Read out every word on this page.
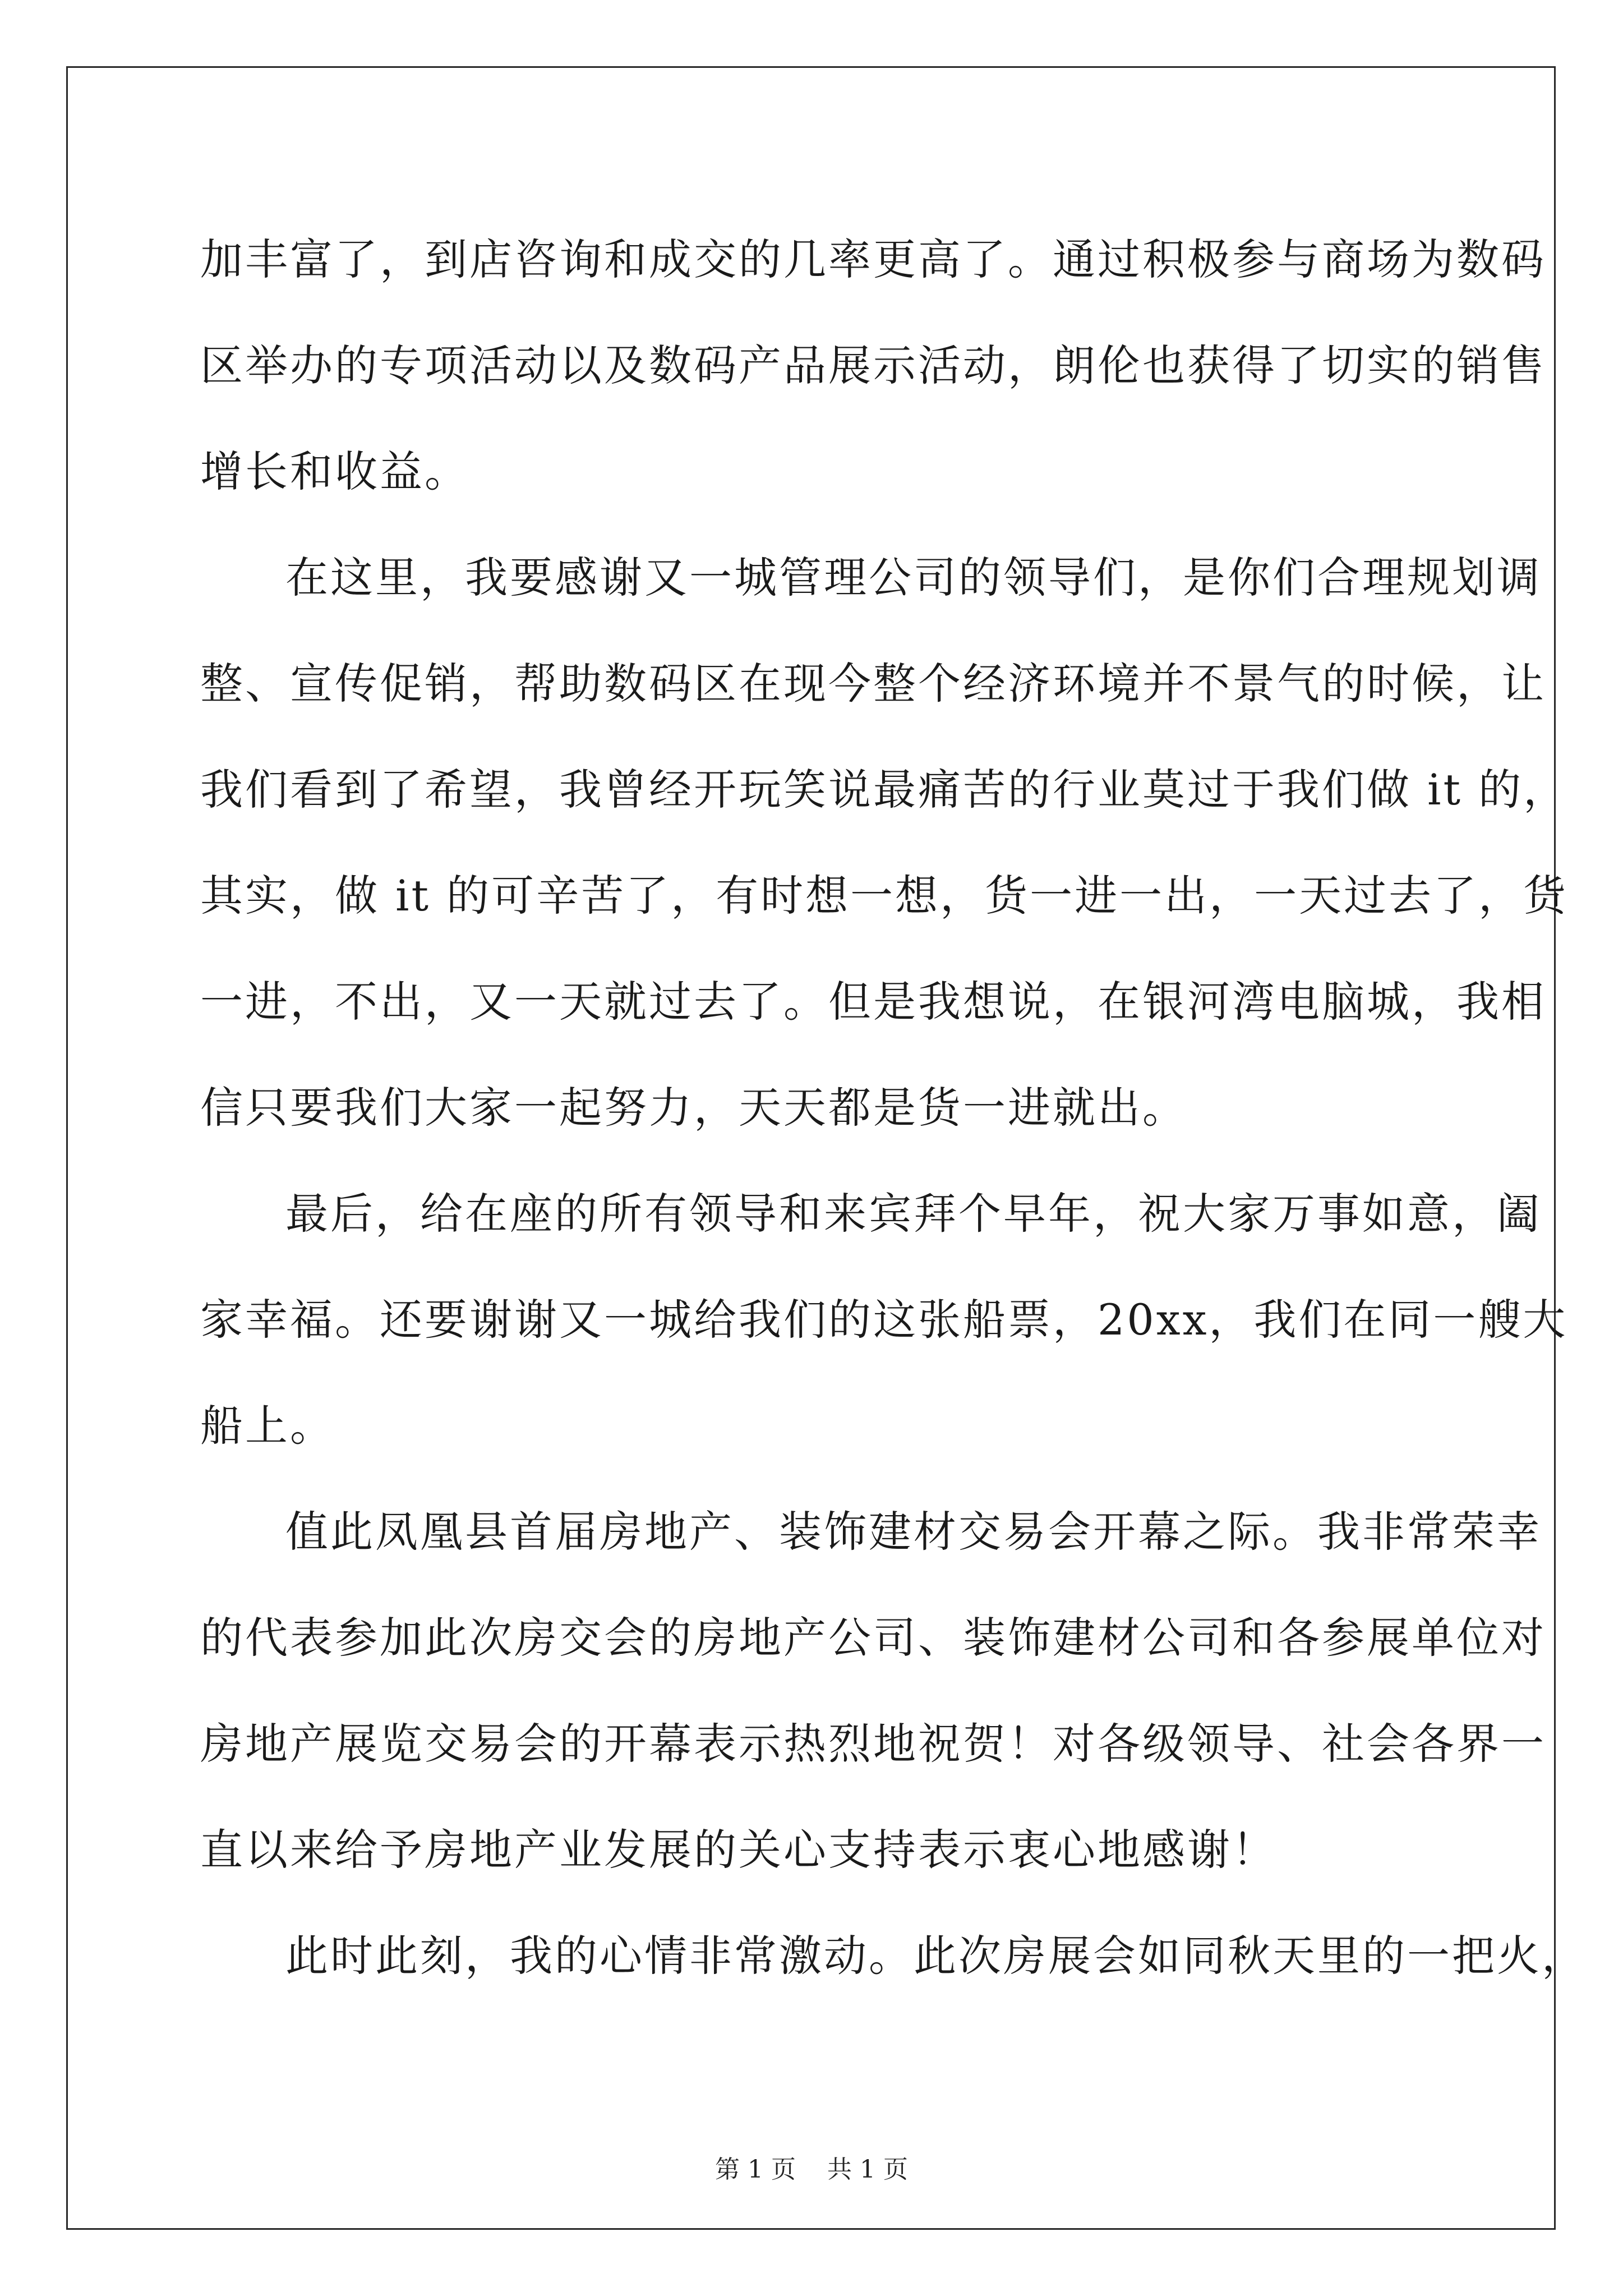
加丰富了，到店咨询和成交的几率更高了。通过积极参与商场为数码

区举办的专项活动以及数码产品展示活动，朗伦也获得了切实的销售

增长和收益。

在这里，我要感谢又一城管理公司的领导们，是你们合理规划调

整、宣传促销，帮助数码区在现今整个经济环境并不景气的时候，让

我们看到了希望，我曾经开玩笑说最痛苦的行业莫过于我们做 it 的，

其实，做 it 的可辛苦了，有时想一想，货一进一出，一天过去了，货

一进，不出，又一天就过去了。但是我想说，在银河湾电脑城，我相

信只要我们大家一起努力，天天都是货一进就出。

最后，给在座的所有领导和来宾拜个早年，祝大家万事如意，阖

家幸福。还要谢谢又一城给我们的这张船票，20xx，我们在同一艘大

船上。

值此凤凰县首届房地产、装饰建材交易会开幕之际。我非常荣幸

的代表参加此次房交会的房地产公司、装饰建材公司和各参展单位对

房地产展览交易会的开幕表示热烈地祝贺！对各级领导、社会各界一

直以来给予房地产业发展的关心支持表示衷心地感谢！

此时此刻，我的心情非常激动。此次房展会如同秋天里的一把火，

第 1 页 共 1 页
